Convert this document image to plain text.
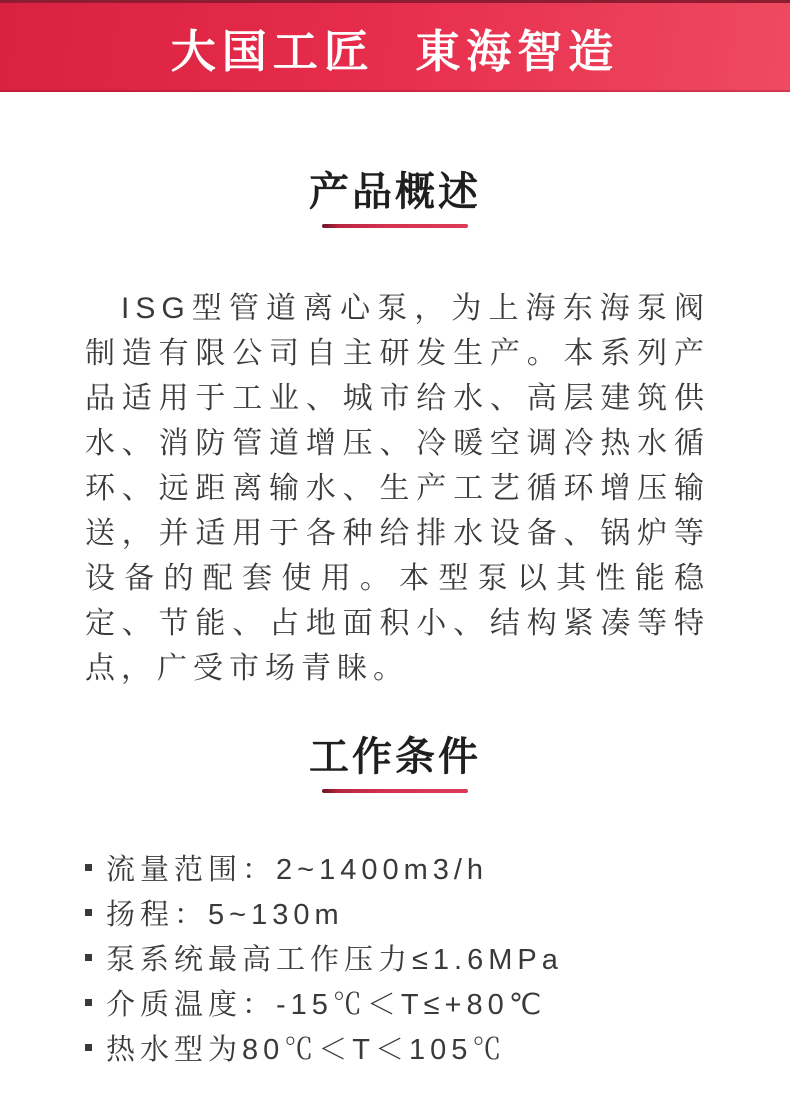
大国工匠 東海智造
产品概述

ISG型管道离心泵，为上海东海泵阀制造有限公司自主研发生产。本系列产品适用于工业、城市给水、高层建筑供水、消防管道增压、冷暖空调冷热水循环、远距离输水、生产工艺循环增压输送，并适用于各种给排水设备、锅炉等设备的配套使用。本型泵以其性能稳定、节能、占地面积小、结构紧凑等特点，广受市场青睐。

工作条件
流量范围：2~1400m3/h
扬程：5~130m
泵系统最高工作压力≤1.6MPa
介质温度：-15℃＜T≤+80℃
热水型为80℃＜T＜105℃
